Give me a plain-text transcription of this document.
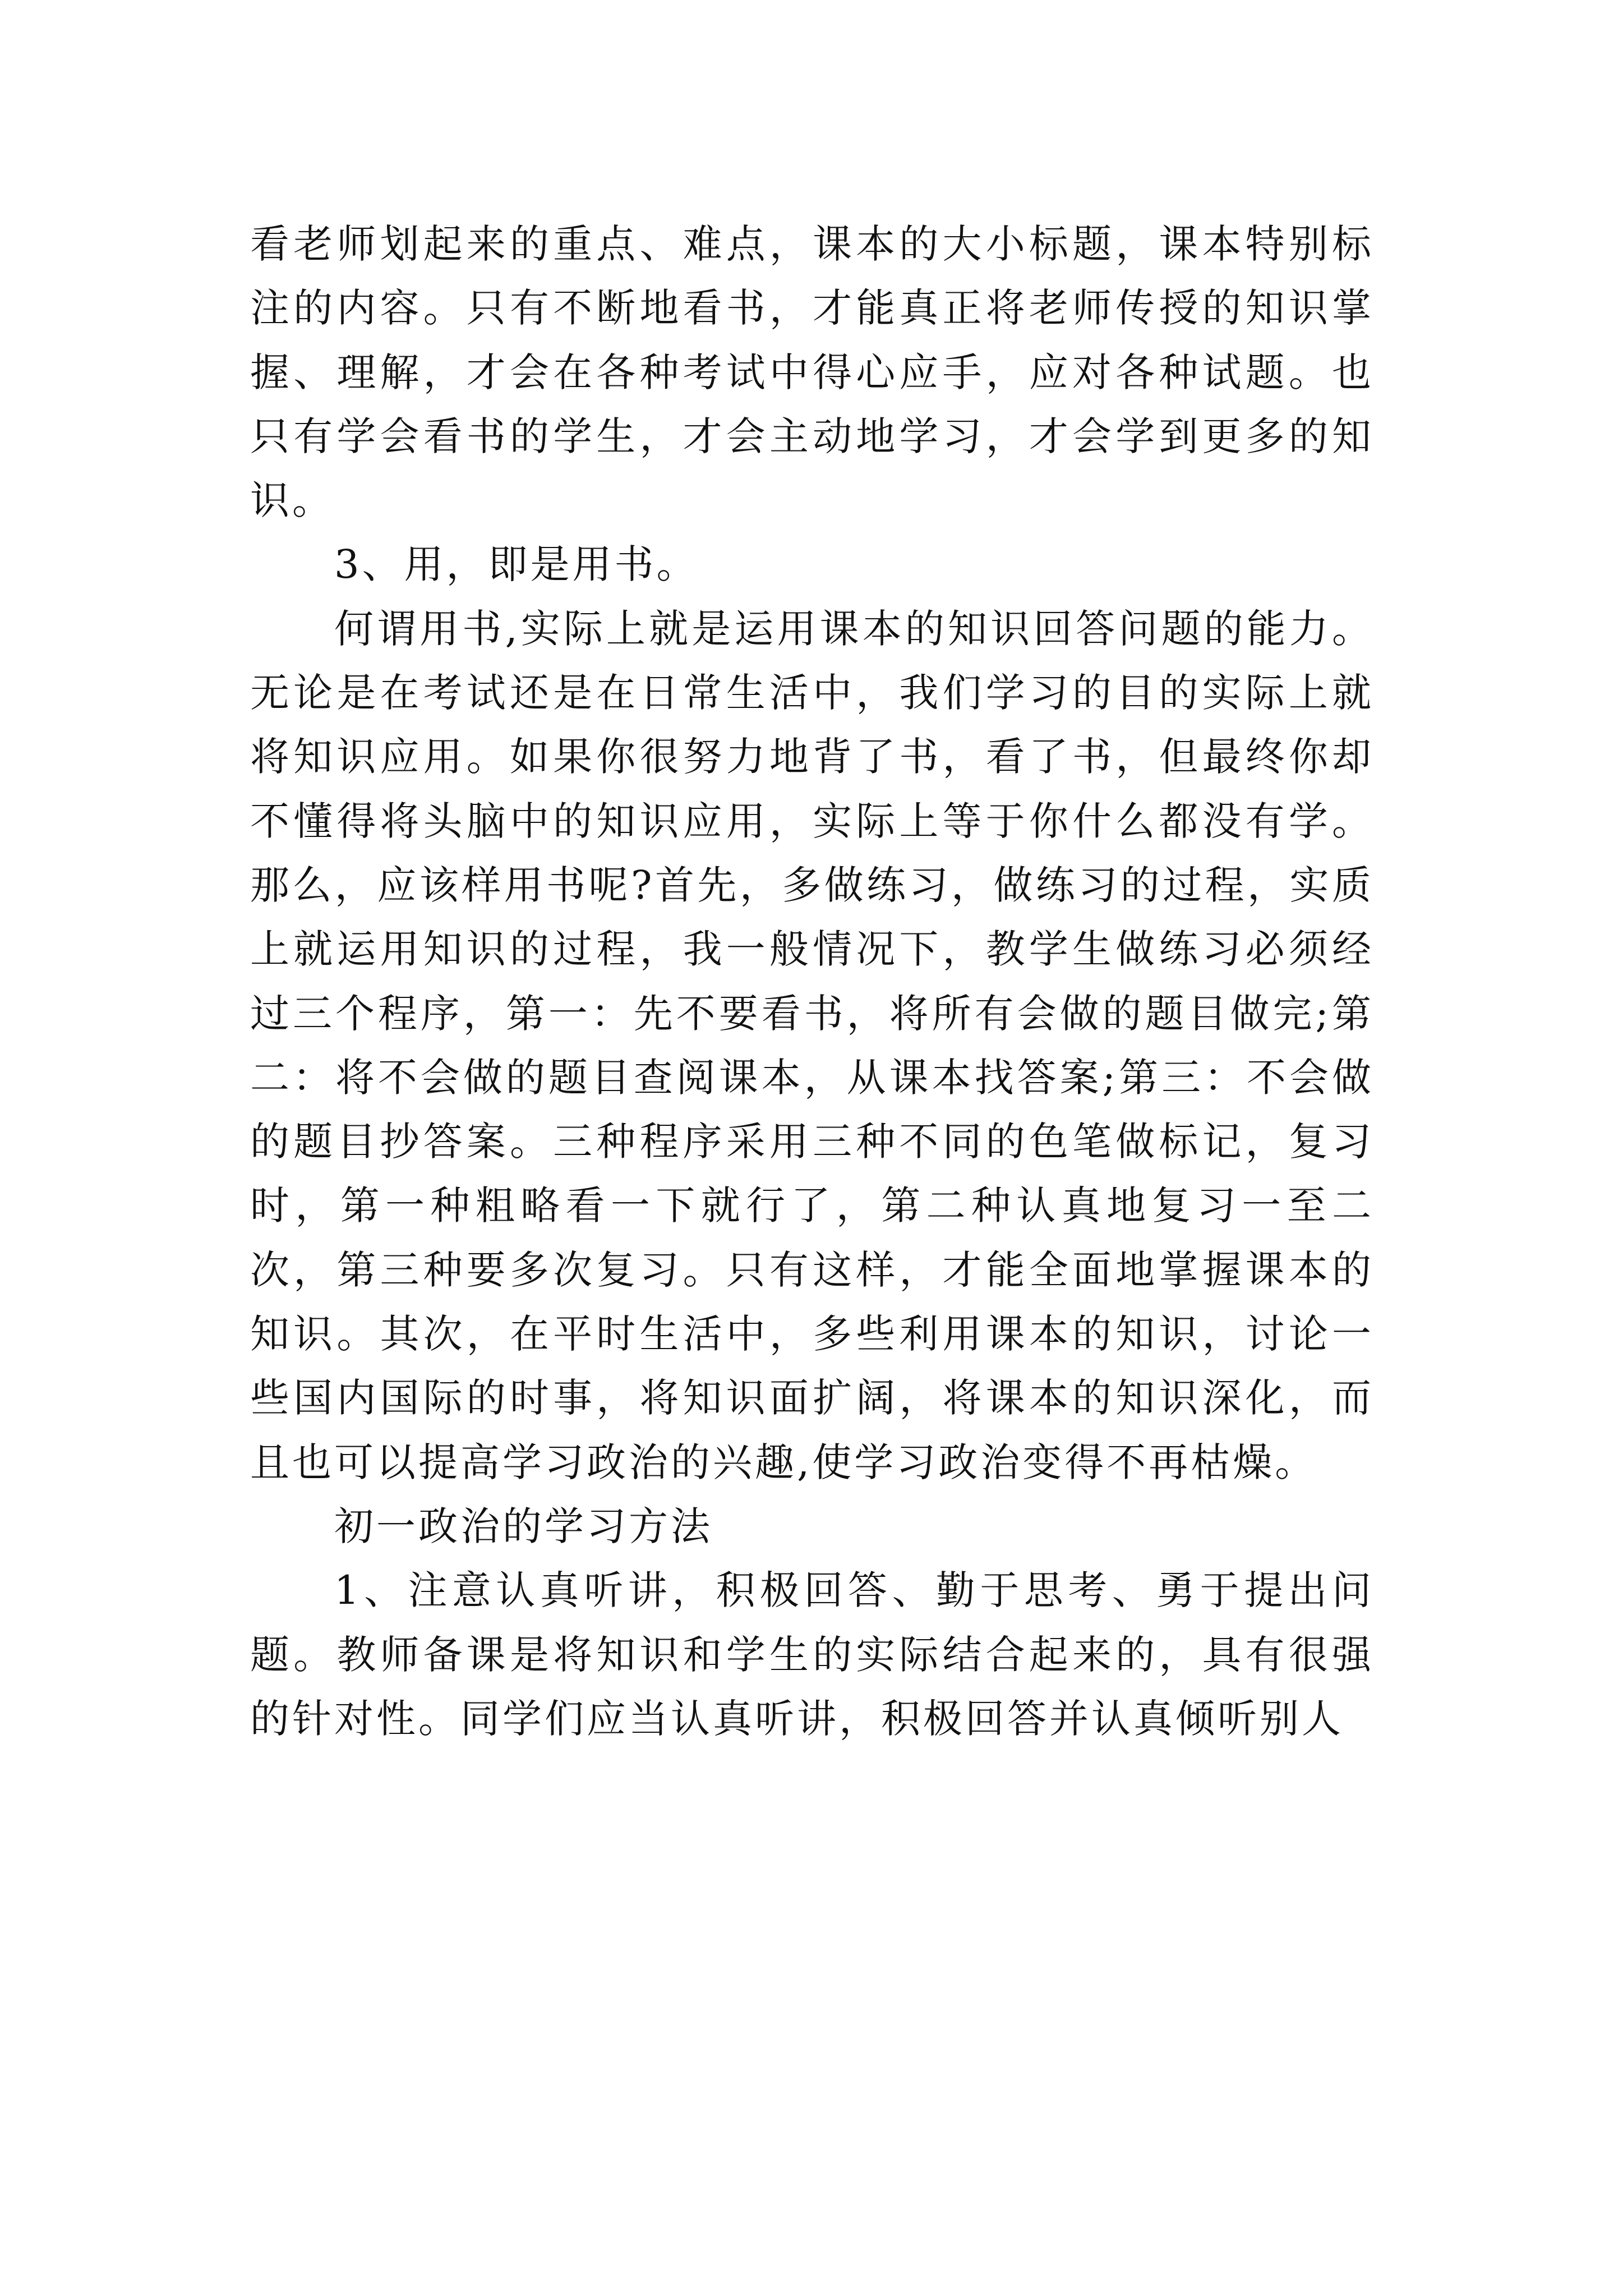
看老师划起来的重点、难点，课本的大小标题，课本特别标注的内容。只有不断地看书，才能真正将老师传授的知识掌握、理解，才会在各种考试中得心应手，应对各种试题。也只有学会看书的学生，才会主动地学习，才会学到更多的知识。

3、用，即是用书。

何谓用书,实际上就是运用课本的知识回答问题的能力。无论是在考试还是在日常生活中，我们学习的目的实际上就将知识应用。如果你很努力地背了书，看了书，但最终你却不懂得将头脑中的知识应用，实际上等于你什么都没有学。那么，应该样用书呢?首先，多做练习，做练习的过程，实质上就运用知识的过程，我一般情况下，教学生做练习必须经过三个程序，第一：先不要看书，将所有会做的题目做完;第二：将不会做的题目查阅课本，从课本找答案;第三：不会做的题目抄答案。三种程序采用三种不同的色笔做标记，复习时，第一种粗略看一下就行了，第二种认真地复习一至二次，第三种要多次复习。只有这样，才能全面地掌握课本的知识。其次，在平时生活中，多些利用课本的知识，讨论一些国内国际的时事，将知识面扩阔，将课本的知识深化，而且也可以提高学习政治的兴趣,使学习政治变得不再枯燥。

初一政治的学习方法

1、注意认真听讲，积极回答、勤于思考、勇于提出问题。教师备课是将知识和学生的实际结合起来的，具有很强的针对性。同学们应当认真听讲，积极回答并认真倾听别人
